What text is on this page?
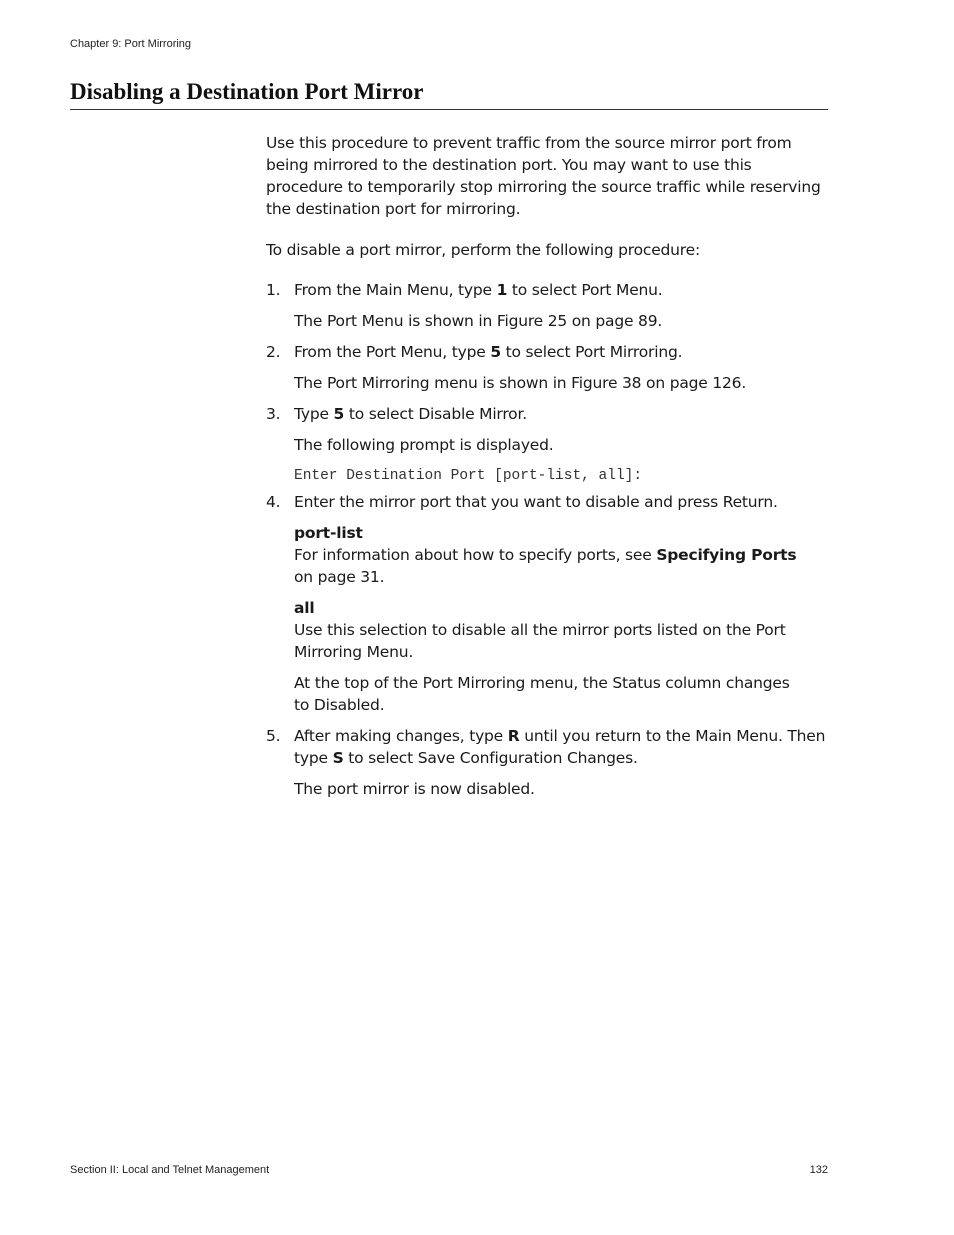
Chapter 9: Port Mirroring
Disabling a Destination Port Mirror

Use this procedure to prevent traffic from the source mirror port from being mirrored to the destination port. You may want to use this procedure to temporarily stop mirroring the source traffic while reserving the destination port for mirroring.

To disable a port mirror, perform the following procedure:

1. From the Main Menu, type 1 to select Port Menu.

The Port Menu is shown in Figure 25 on page 89.

2. From the Port Menu, type 5 to select Port Mirroring.

The Port Mirroring menu is shown in Figure 38 on page 126.

3. Type 5 to select Disable Mirror.

The following prompt is displayed.

Enter Destination Port [port-list, all]:

4. Enter the mirror port that you want to disable and press Return.

port-list
For information about how to specify ports, see Specifying Ports
on page 31.
all
Use this selection to disable all the mirror ports listed on the Port Mirroring Menu.

At the top of the Port Mirroring menu, the Status column changes to Disabled.

5. After making changes, type R until you return to the Main Menu. Then type S to select Save Configuration Changes.

The port mirror is now disabled.

Section II: Local and Telnet Management	132
